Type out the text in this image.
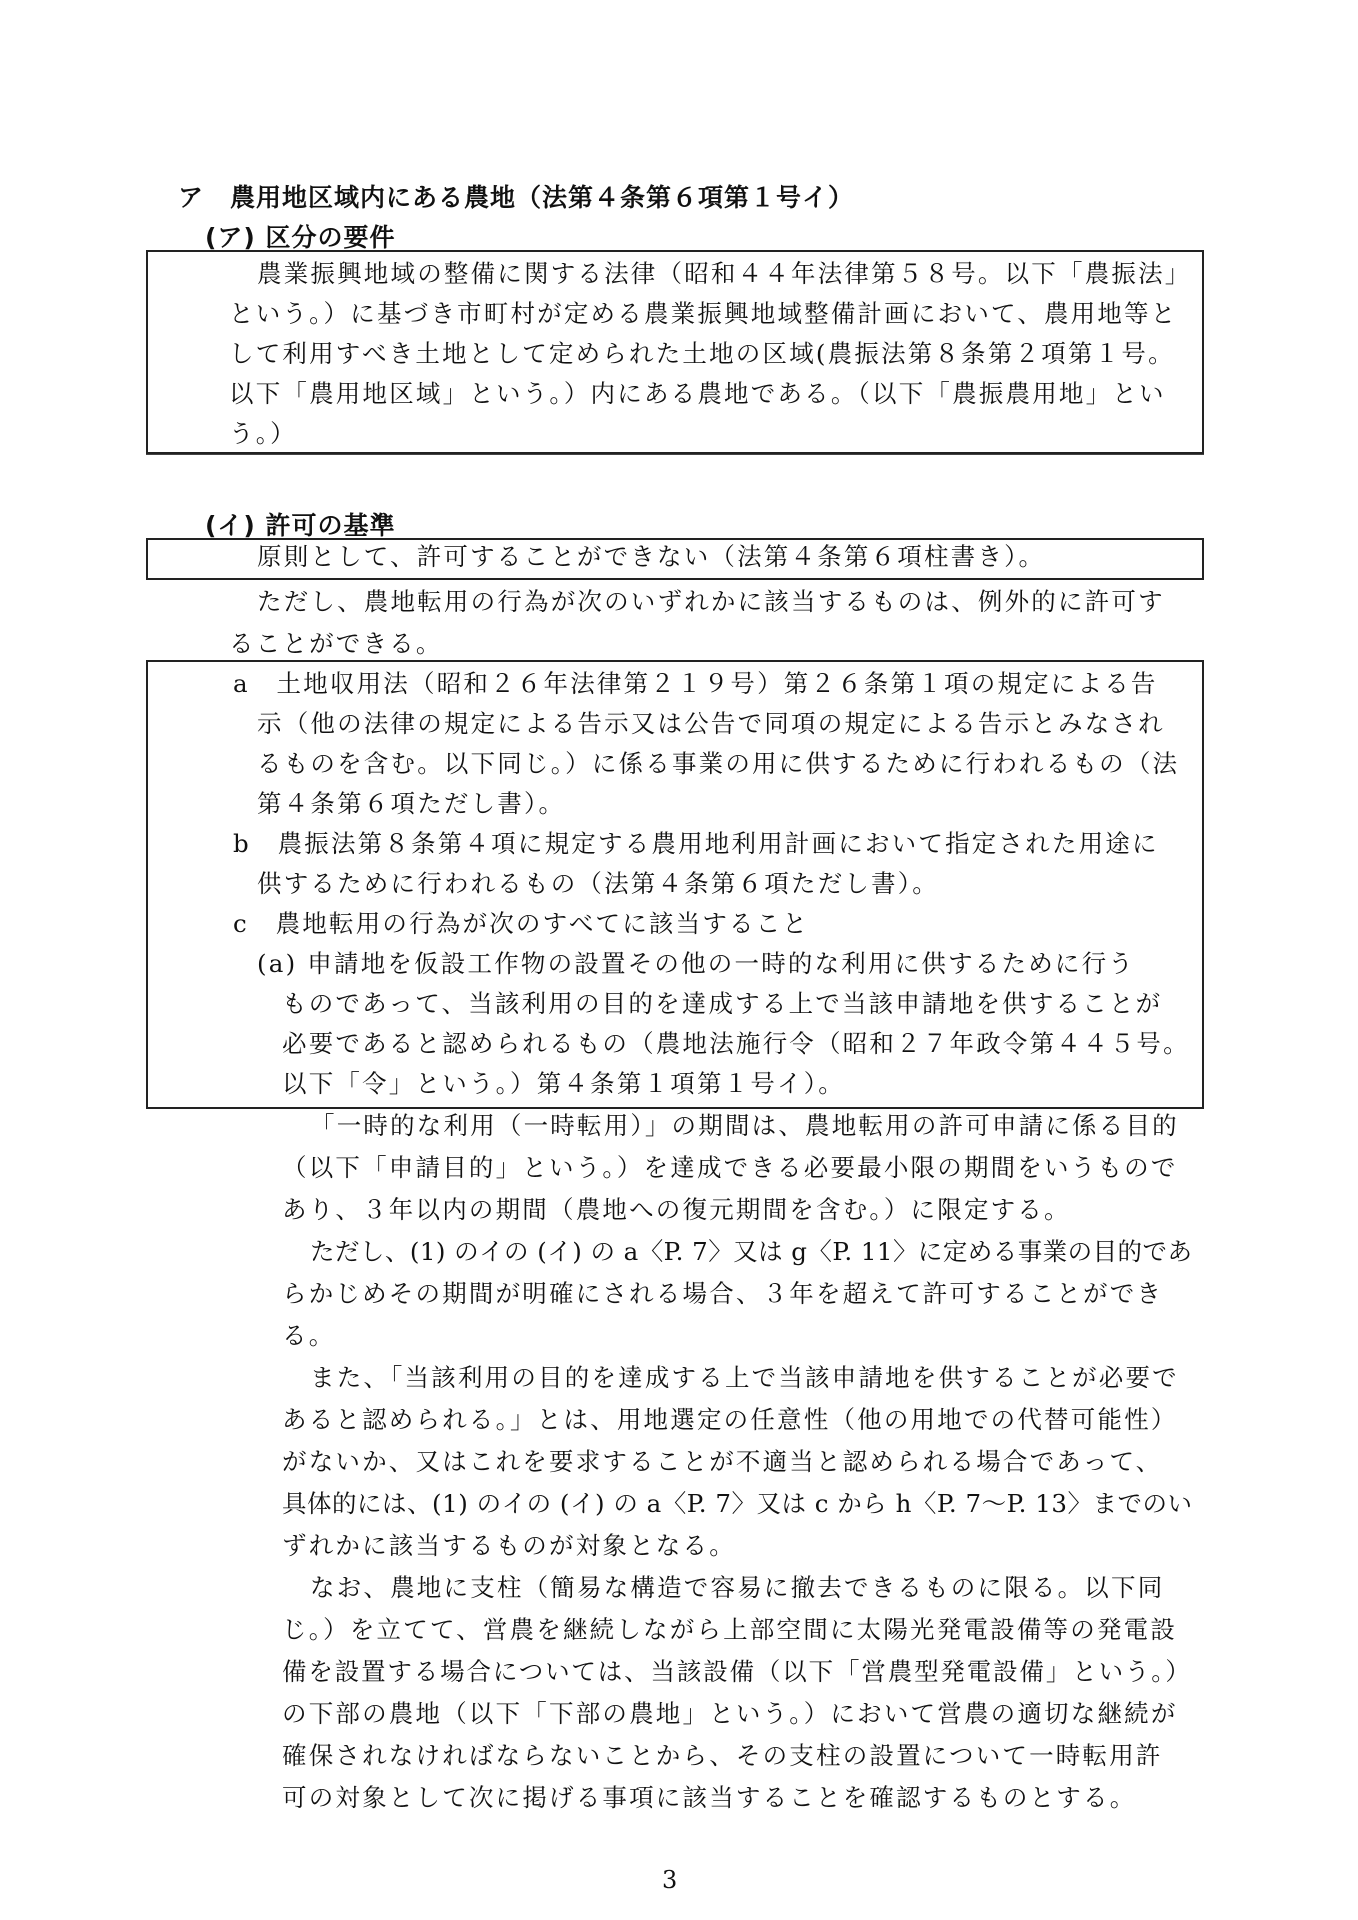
ア　農用地区域内にある農地（法第４条第６項第１号イ）
(ア) 区分の要件
農業振興地域の整備に関する法律（昭和４４年法律第５８号。以下「農振法」
という。）に基づき市町村が定める農業振興地域整備計画において、農用地等と
して利用すべき土地として定められた土地の区域(農振法第８条第２項第１号。
以下「農用地区域」という。）内にある農地である。（以下「農振農用地」とい
う。）
(イ) 許可の基準
原則として、許可することができない（法第４条第６項柱書き）。
ただし、農地転用の行為が次のいずれかに該当するものは、例外的に許可す
ることができる。
a　土地収用法（昭和２６年法律第２１９号）第２６条第１項の規定による告
示（他の法律の規定による告示又は公告で同項の規定による告示とみなされ
るものを含む。以下同じ。）に係る事業の用に供するために行われるもの（法
第４条第６項ただし書）。
b　農振法第８条第４項に規定する農用地利用計画において指定された用途に
供するために行われるもの（法第４条第６項ただし書）。
c　農地転用の行為が次のすべてに該当すること
(a) 申請地を仮設工作物の設置その他の一時的な利用に供するために行う
ものであって、当該利用の目的を達成する上で当該申請地を供することが
必要であると認められるもの（農地法施行令（昭和２７年政令第４４５号。
以下「令」という。）第４条第１項第１号イ）。
「一時的な利用（一時転用）」の期間は、農地転用の許可申請に係る目的
（以下「申請目的」という。）を達成できる必要最小限の期間をいうもので
あり、３年以内の期間（農地への復元期間を含む。）に限定する。
ただし、(1) のイの (イ) の a〈P. 7〉又は g〈P. 11〉に定める事業の目的であ
らかじめその期間が明確にされる場合、３年を超えて許可することができ
る。
また、「当該利用の目的を達成する上で当該申請地を供することが必要で
あると認められる。」とは、用地選定の任意性（他の用地での代替可能性）
がないか、又はこれを要求することが不適当と認められる場合であって、
具体的には、(1) のイの (イ) の a〈P. 7〉又は c から h〈P. 7～P. 13〉までのい
ずれかに該当するものが対象となる。
なお、農地に支柱（簡易な構造で容易に撤去できるものに限る。以下同
じ。）を立てて、営農を継続しながら上部空間に太陽光発電設備等の発電設
備を設置する場合については、当該設備（以下「営農型発電設備」という。）
の下部の農地（以下「下部の農地」という。）において営農の適切な継続が
確保されなければならないことから、その支柱の設置について一時転用許
可の対象として次に掲げる事項に該当することを確認するものとする。
3
